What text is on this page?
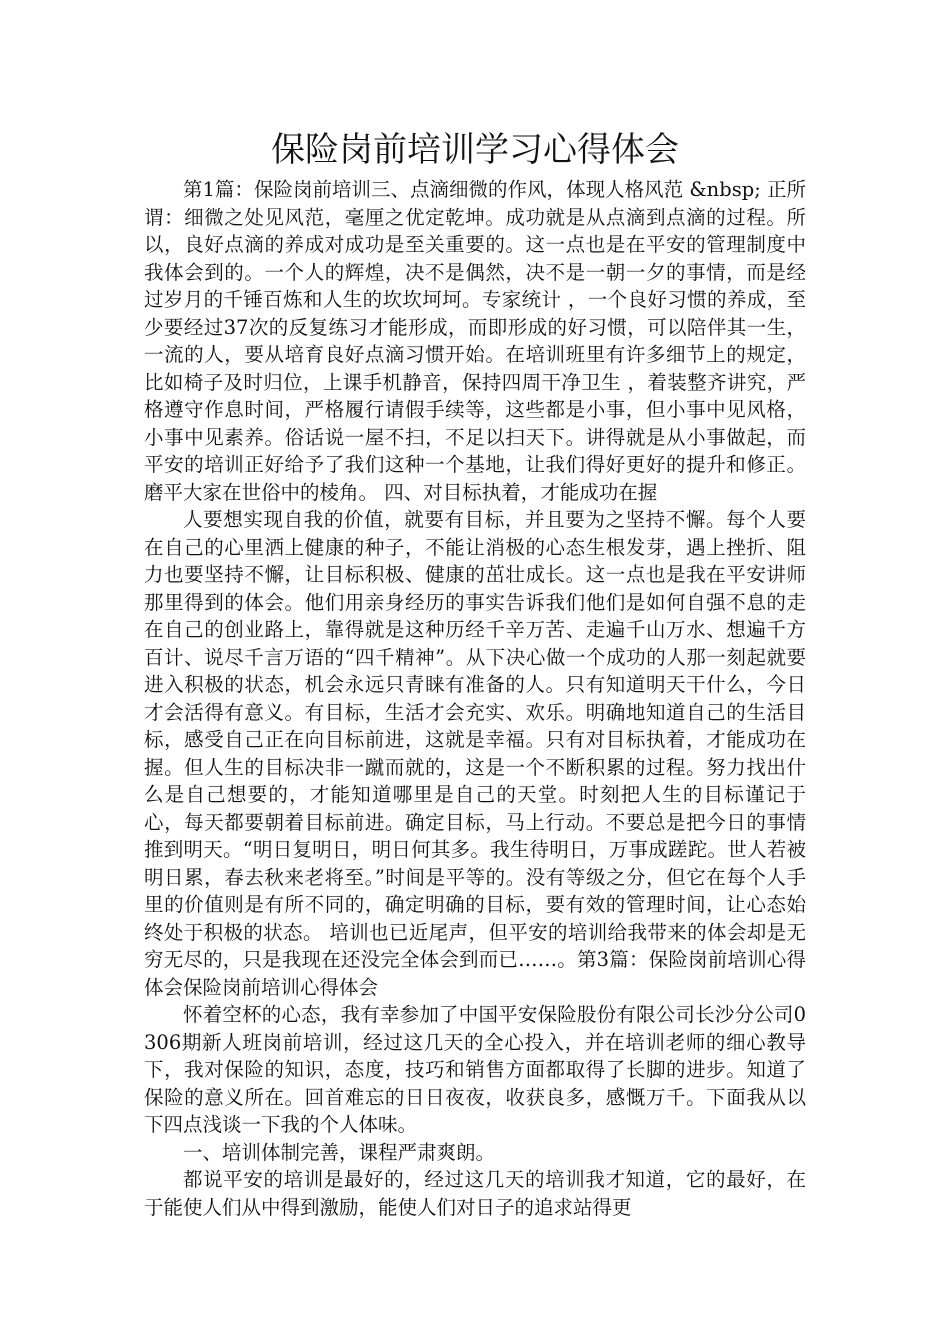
保险岗前培训学习心得体会

第1篇：保险岗前培训三、点滴细微的作风，体现人格风范 &nbsp; 正所谓：细微之处见风范，毫厘之优定乾坤。成功就是从点滴到点滴的过程。所以，良好点滴的养成对成功是至关重要的。这一点也是在平安的管理制度中我体会到的。一个人的辉煌，决不是偶然，决不是一朝一夕的事情，而是经过岁月的千锤百炼和人生的坎坎坷坷。专家统计 ，一个良好习惯的养成，至少要经过37次的反复练习才能形成，而即形成的好习惯，可以陪伴其一生，一流的人，要从培育良好点滴习惯开始。在培训班里有许多细节上的规定，比如椅子及时归位，上课手机静音，保持四周干净卫生 ，着装整齐讲究，严格遵守作息时间，严格履行请假手续等，这些都是小事，但小事中见风格，小事中见素养。俗话说一屋不扫，不足以扫天下。讲得就是从小事做起，而平安的培训正好给予了我们这种一个基地，让我们得好更好的提升和修正。磨平大家在世俗中的棱角。 四、对目标执着，才能成功在握

人要想实现自我的价值，就要有目标，并且要为之坚持不懈。每个人要在自己的心里洒上健康的种子，不能让消极的心态生根发芽，遇上挫折、阻力也要坚持不懈，让目标积极、健康的茁壮成长。这一点也是我在平安讲师那里得到的体会。他们用亲身经历的事实告诉我们他们是如何自强不息的走在自己的创业路上，靠得就是这种历经千辛万苦、走遍千山万水、想遍千方百计、说尽千言万语的“四千精神”。从下决心做一个成功的人那一刻起就要进入积极的状态，机会永远只青睐有准备的人。只有知道明天干什么，今日才会活得有意义。有目标，生活才会充实、欢乐。明确地知道自己的生活目标，感受自己正在向目标前进，这就是幸福。只有对目标执着，才能成功在握。但人生的目标决非一蹴而就的，这是一个不断积累的过程。努力找出什么是自己想要的，才能知道哪里是自己的天堂。时刻把人生的目标谨记于心，每天都要朝着目标前进。确定目标，马上行动。不要总是把今日的事情推到明天。“明日复明日，明日何其多。我生待明日，万事成蹉跎。世人若被明日累，春去秋来老将至。”时间是平等的。没有等级之分，但它在每个人手里的价值则是有所不同的，确定明确的目标，要有效的管理时间，让心态始终处于积极的状态。 培训也已近尾声，但平安的培训给我带来的体会却是无穷无尽的，只是我现在还没完全体会到而已……。第3篇：保险岗前培训心得体会保险岗前培训心得体会

怀着空杯的心态，我有幸参加了中国平安保险股份有限公司长沙分公司0306期新人班岗前培训，经过这几天的全心投入，并在培训老师的细心教导下，我对保险的知识，态度，技巧和销售方面都取得了长脚的进步。知道了保险的意义所在。回首难忘的日日夜夜，收获良多，感慨万千。下面我从以下四点浅谈一下我的个人体味。

一、培训体制完善，课程严肃爽朗。

都说平安的培训是最好的，经过这几天的培训我才知道，它的最好，在于能使人们从中得到激励，能使人们对日子的追求站得更
